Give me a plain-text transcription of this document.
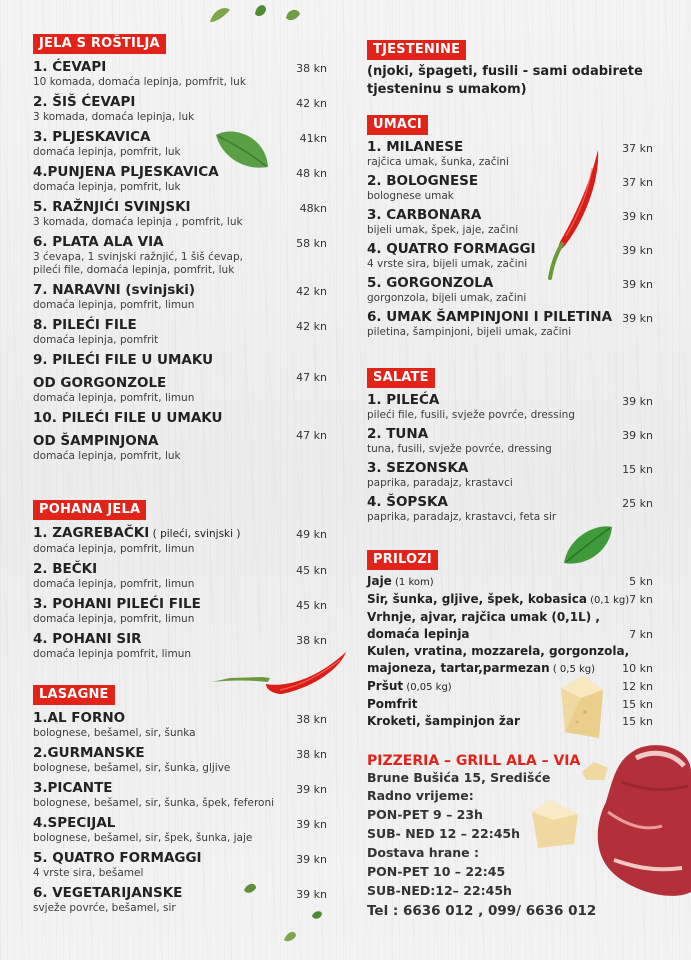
JELA S ROŠTILJA
1. ĆEVAPI
10 komada, domaća lepinja, pomfrit, luk
38 kn
2. ŠIŠ ĆEVAPI
3 komada, domaća lepinja, luk
42 kn
3. PLJESKAVICA
domaća lepinja, pomfrit, luk
41kn
4.PUNJENA PLJESKAVICA
domaća lepinja, pomfrit, luk
48 kn
5. RAŽNJIĆI SVINJSKI
3 komada, domaća lepinja , pomfrit, luk
48kn
6. PLATA ALA VIA
3 ćevapa, 1 svinjski ražnjić, 1 šiš ćevap,
pileći file, domaća lepinja, pomfrit, luk
58 kn
7. NARAVNI (svinjski)
domaća lepinja, pomfrit, limun
42 kn
8. PILEĆI FILE
domaća lepinja, pomfrit
42 kn
9. PILEĆI FILE U UMAKU
OD GORGONZOLE
domaća lepinja, pomfrit, limun
47 kn
10. PILEĆI FILE U UMAKU
OD ŠAMPINJONA
domaća lepinja, pomfrit, luk
47 kn
POHANA JELA
1. ZAGREBAČKI ( pileći, svinjski )
domaća lepinja, pomfrit, limun
49 kn
2. BEČKI
domaća lepinja, pomfrit, limun
45 kn
3. POHANI PILEĆI FILE
domaća lepinja, pomfrit, limun
45 kn
4. POHANI SIR
domaća lepinja pomfrit, limun
38 kn
LASAGNE
1.AL FORNO
bolognese, bešamel, sir, šunka
38 kn
2.GURMANSKE
bolognese, bešamel, sir, šunka, gljive
38 kn
3.PICANTE
bolognese, bešamel, sir, šunka, špek, feferoni
39 kn
4.SPECIJAL
bolognese, bešamel, sir, špek, šunka, jaje
39 kn
5. QUATRO FORMAGGI
4 vrste sira, bešamel
39 kn
6. VEGETARIJANSKE
svježe povrće, bešamel, sir
39 kn
TJESTENINE
(njoki, špageti, fusili - sami odabirete
tjesteninu s umakom)
UMACI
1. MILANESE
rajčica umak, šunka, začini
37 kn
2. BOLOGNESE
bolognese umak
37 kn
3. CARBONARA
bijeli umak, špek, jaje, začini
39 kn
4. QUATRO FORMAGGI
4 vrste sira, bijeli umak, začini
39 kn
5. GORGONZOLA
gorgonzola, bijeli umak, začini
39 kn
6. UMAK ŠAMPINJONI I PILETINA
piletina, šampinjoni, bijeli umak, začini
39 kn
SALATE
1. PILEĆA
pileći file, fusili, svježe povrće, dressing
39 kn
2. TUNA
tuna, fusili, svježe povrće, dressing
39 kn
3. SEZONSKA
paprika, paradajz, krastavci
15 kn
4. ŠOPSKA
paprika, paradajz, krastavci, feta sir
25 kn
PRILOZI
Jaje (1 kom)	5 kn
Sir, šunka, gljive, špek, kobasica (0,1 kg) 7 kn
Vrhnje, ajvar, rajčica umak (0,1L) ,
domaća lepinja	7 kn
Kulen, vratina, mozzarela, gorgonzola,
majoneza, tartar,parmezan ( 0,5 kg)	10 kn
Pršut (0,05 kg)	12 kn
Pomfrit	15 kn
Kroketi, šampinjon žar	15 kn
PIZZERIA – GRILL ALA – VIA
Brune Bušića 15, Središće
Radno vrijeme:
PON-PET 9 – 23h
SUB- NED 12 – 22:45h
Dostava hrane :
PON-PET 10 – 22:45
SUB-NED:12– 22:45h
Tel : 6636 012 , 099/ 6636 012
